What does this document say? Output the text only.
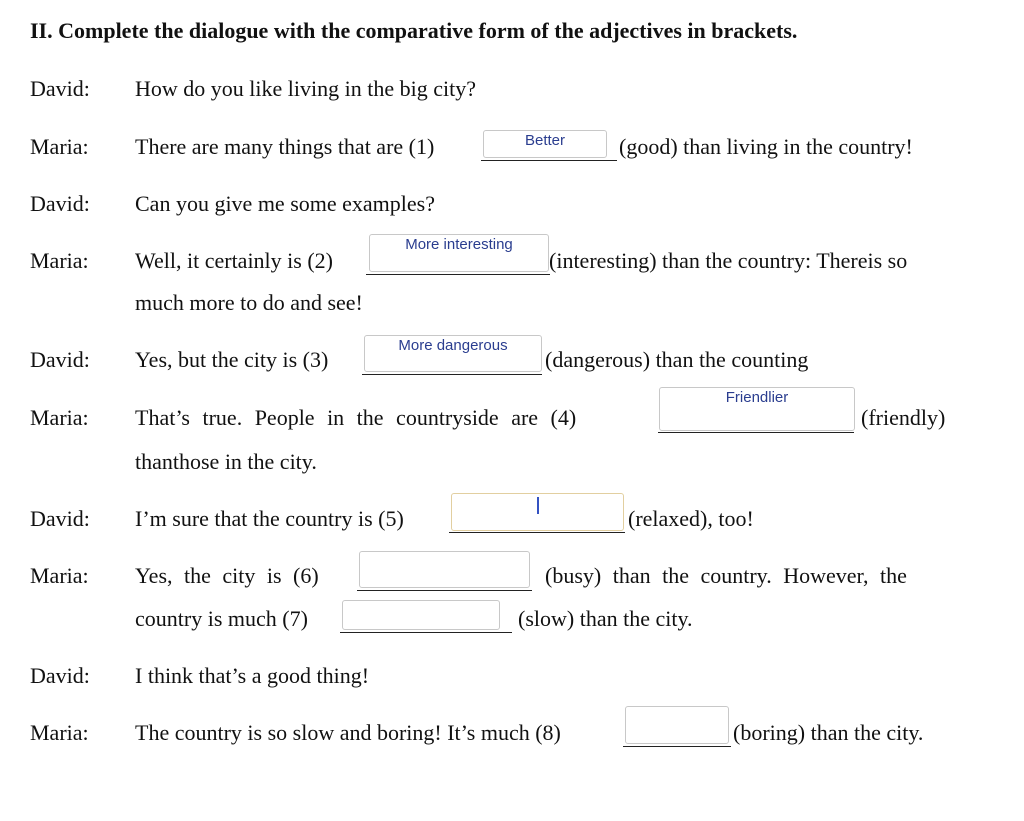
II. Complete the dialogue with the comparative form of the adjectives in brackets.
David: How do you like living in the big city?
Maria: There are many things that are (1)	Better	(good) than living in the country!
David: Can you give me some examples?
Maria: Well, it certainly is (2)
More interesting
(interesting) than the country: Thereis so
much more to do and see!
David: Yes, but the city is (3)
More dangerous
(dangerous) than the counting
Maria: That’s true. People in the countryside are (4)
Friendlier
(friendly)
thanthose in the city.
David: I’m sure that the country is (5)	(relaxed), too!
Maria: Yes, the city is (6)	(busy) than the country. However, the
country is much (7)	(slow) than the city.
David: I think that’s a good thing!
Maria: The country is so slow and boring! It’s much (8)	(boring) than the city.
